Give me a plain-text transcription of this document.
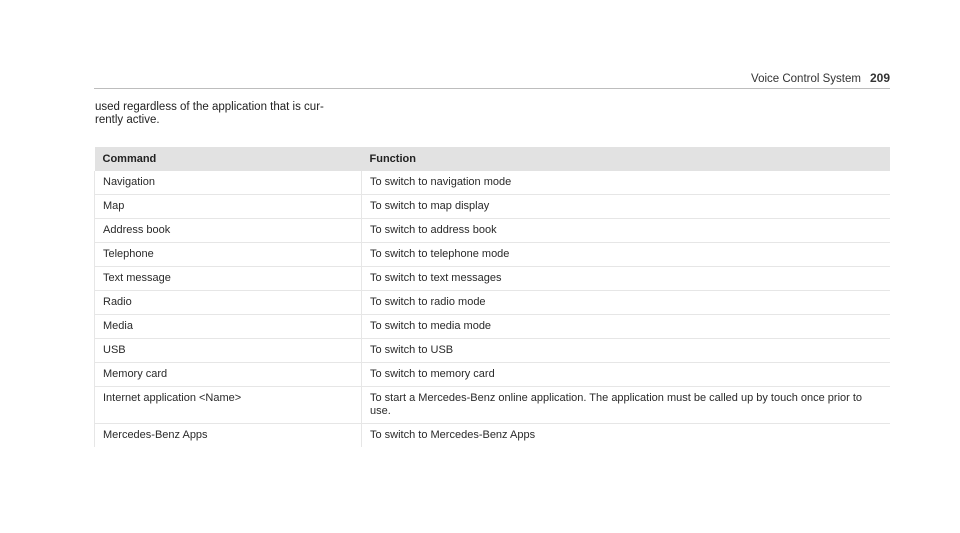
Voice Control System 209
used regardless of the application that is cur-
rently active.
Command	Function
Navigation	To switch to navigation mode
Map	To switch to map display
Address book	To switch to address book
Telephone	To switch to telephone mode
Text message	To switch to text messages
Radio	To switch to radio mode
Media	To switch to media mode
USB	To switch to USB
Memory card	To switch to memory card
Internet application <Name>	To start a Mercedes-Benz online application. The application must be called up by touch once prior to use.
Mercedes-Benz Apps	To switch to Mercedes-Benz Apps
